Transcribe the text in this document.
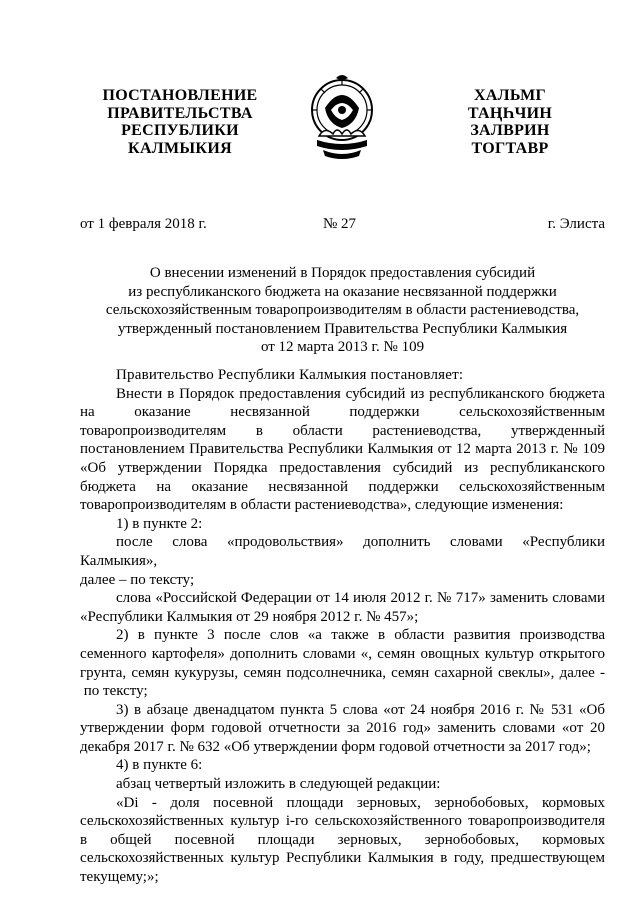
ПОСТАНОВЛЕНИЕ
ПРАВИТЕЛЬСТВА
РЕСПУБЛИКИ
КАЛМЫКИЯ
ХАЛЬМГ
ТАҢҺЧИН
ЗАЛВРИН
ТОГТАВР
от 1 февраля 2018 г.	№ 27	г. Элиста
О внесении изменений в Порядок предоставления субсидий
из республиканского бюджета на оказание несвязанной поддержки
сельскохозяйственным товаропроизводителям в области растениеводства,
утвержденный постановлением Правительства Республики Калмыкия
от 12 марта 2013 г. № 109

Правительство Республики Калмыкия постановляет:

Внести в Порядок предоставления субсидий из республиканского бюджета

на оказание несвязанной поддержки сельскохозяйственным

товаропроизводителям в области растениеводства, утвержденный

постановлением Правительства Республики Калмыкия от 12 марта 2013 г. № 109

«Об утверждении Порядка предоставления субсидий из республиканского

бюджета на оказание несвязанной поддержки сельскохозяйственным

товаропроизводителям в области растениеводства», следующие изменения:

1) в пункте 2:

после слова «продовольствия» дополнить словами «Республики Калмыкия»,

далее – по тексту;

слова «Российской Федерации от 14 июля 2012 г. № 717» заменить словами

«Республики Калмыкия от 29 ноября 2012 г. № 457»;

2) в пункте 3 после слов «а также в области развития производства

семенного картофеля» дополнить словами «, семян овощных культур открытого

грунта, семян кукурузы, семян подсолнечника, семян сахарной свеклы», далее -

по тексту;

3) в абзаце двенадцатом пункта 5 слова «от 24 ноября 2016 г. № 531 «Об

утверждении форм годовой отчетности за 2016 год» заменить словами «от 20

декабря 2017 г. № 632 «Об утверждении форм годовой отчетности за 2017 год»;

4) в пункте 6:

абзац четвертый изложить в следующей редакции:

«Di - доля посевной площади зерновых, зернобобовых, кормовых

сельскохозяйственных культур i-го сельскохозяйственного товаропроизводителя

в общей посевной площади зерновых, зернобобовых, кормовых

сельскохозяйственных культур Республики Калмыкия в году, предшествующем

текущему;»;
